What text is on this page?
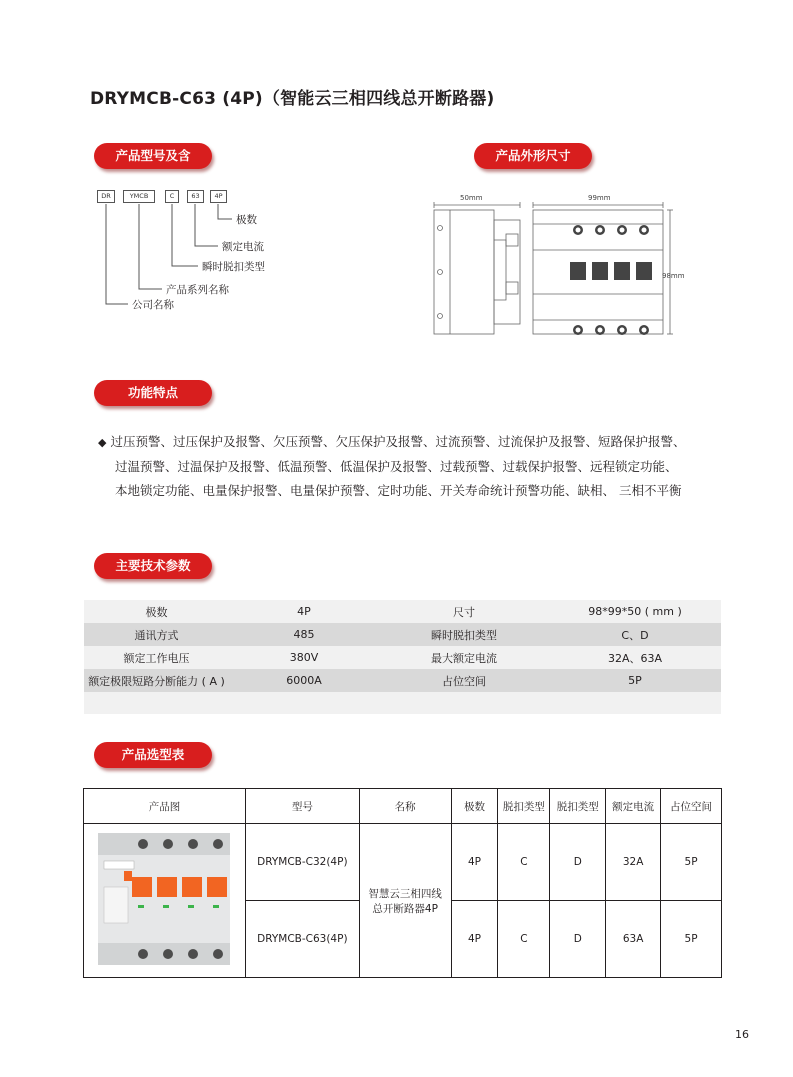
DRYMCB-C63 (4P)（智能云三相四线总开断路器)
产品型号及含义
产品外形尺寸
功能特点
主要技术参数
产品选型表
DR	YMCB	C	63	4P
极数
额定电流
瞬时脱扣类型
产品系列名称
公司名称
50mm	99mm
98mm
◆ 过压预警、过压保护及报警、欠压预警、欠压保护及报警、过流预警、过流保护及报警、短路保护报警、
过温预警、过温保护及报警、低温预警、低温保护及报警、过载预警、过载保护报警、远程锁定功能、
本地锁定功能、电量保护报警、电量保护预警、定时功能、开关寿命统计预警功能、缺相、 三相不平衡
极数	4P	尺寸	98*99*50 ( mm )
通讯方式	485	瞬时脱扣类型	C、D
额定工作电压	380V	最大额定电流	32A、63A
额定极限短路分断能力 ( A )	6000A	占位空间	5P

产品图	型号	名称	极数	脱扣类型	脱扣类型	额定电流	占位空间
	DRYMCB-C32(4P)	智慧云三相四线总开断路器4P	4P	C	D	32A	5P
	DRYMCB-C63(4P)		4P	C	D	63A	5P
16
